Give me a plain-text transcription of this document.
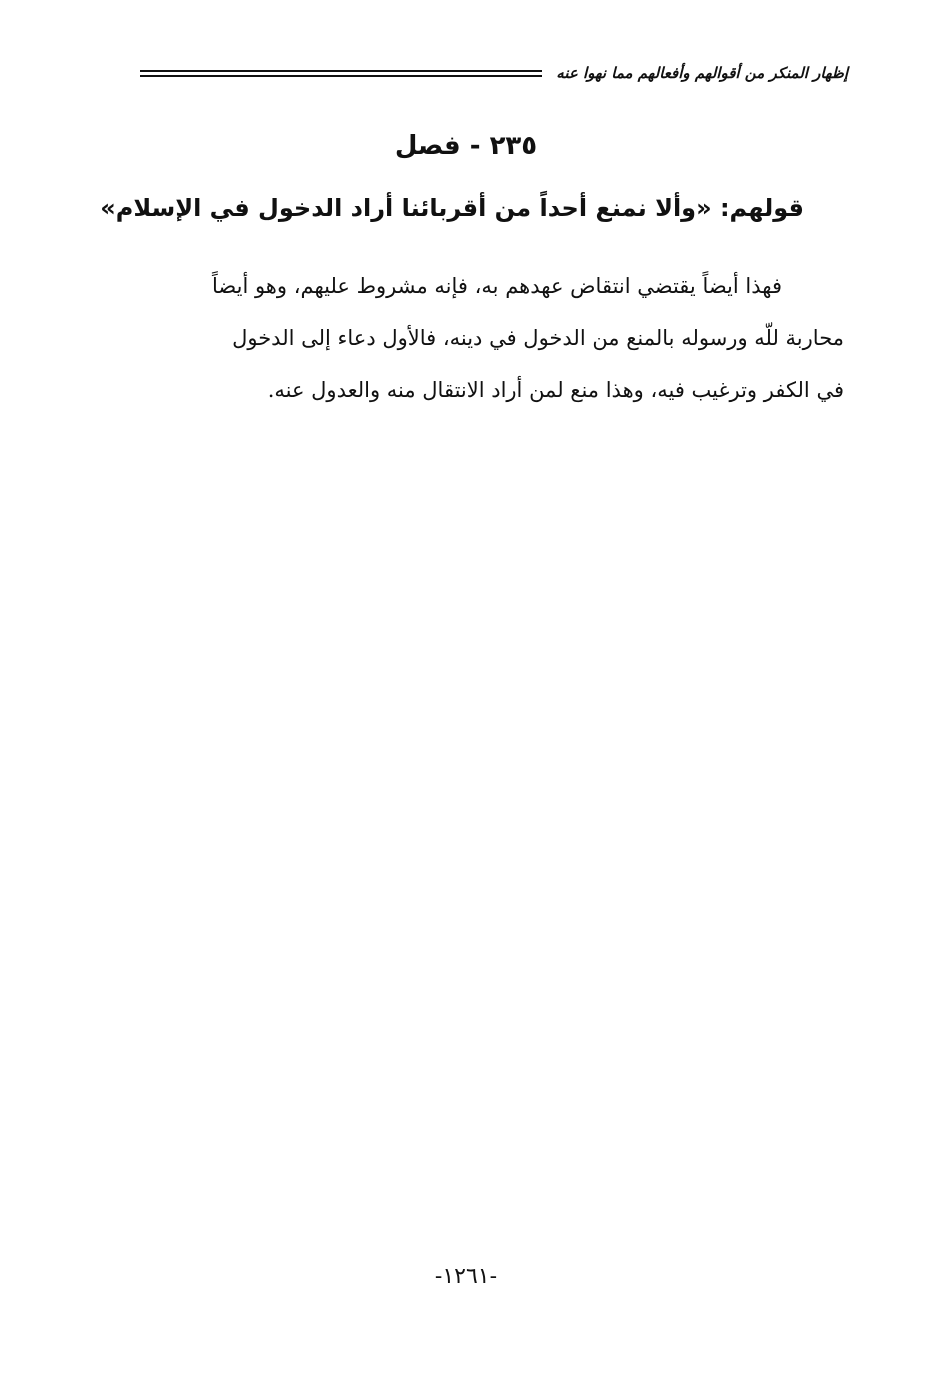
إظهار المنكر من أقوالهم وأفعالهم مما نهوا عنه
٢٣٥ - فصل
قولهم: «وألا نمنع أحداً من أقربائنا أراد الدخول في الإسلام»
فهذا أيضاً يقتضي انتقاض عهدهم به، فإنه مشروط عليهم، وهو أيضاً
محاربة للّه ورسوله بالمنع من الدخول في دينه، فالأول دعاء إلى الدخول
في الكفر وترغيب فيه، وهذا منع لمن أراد الانتقال منه والعدول عنه.
-١٢٦١-
